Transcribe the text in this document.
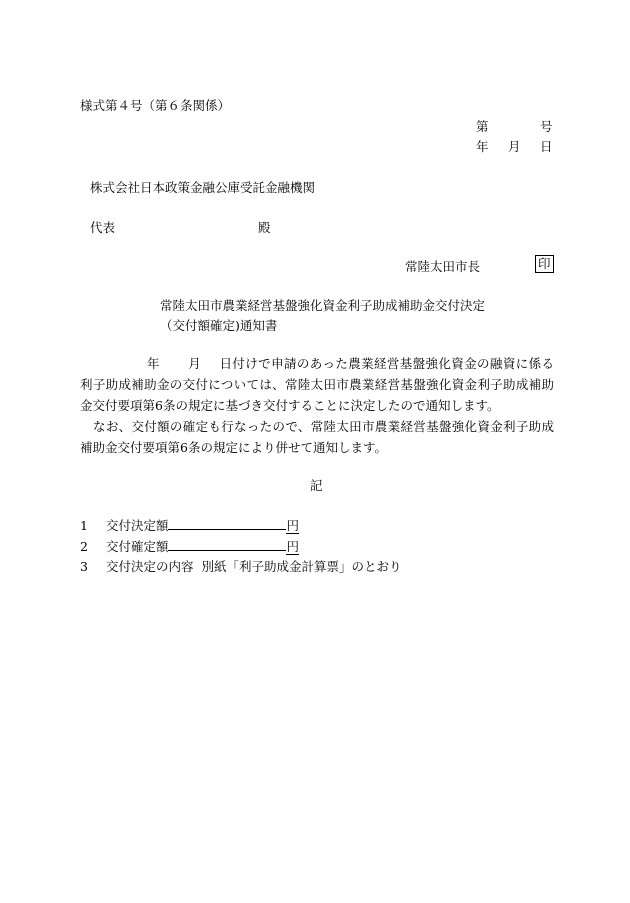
様式第４号（第６条関係）
第	号
年 月 日
株式会社日本政策金融公庫受託金融機関
代表	殿
常陸太田市長	印
常陸太田市農業経営基盤強化資金利子助成補助金交付決定
（交付額確定)通知書
年 月 日付けで申請のあった農業経営基盤強化資金の融資に係る利子助成補助金の交付については、常陸太田市農業経営基盤強化資金利子助成補助金交付要項第6条の規定に基づき交付することに決定したので通知します。
なお、交付額の確定も行なったので、常陸太田市農業経営基盤強化資金利子助成補助金交付要項第6条の規定により併せて通知します。
記
1 交付決定額	円
2 交付確定額	円
3 交付決定の内容 別紙「利子助成金計算票」のとおり
